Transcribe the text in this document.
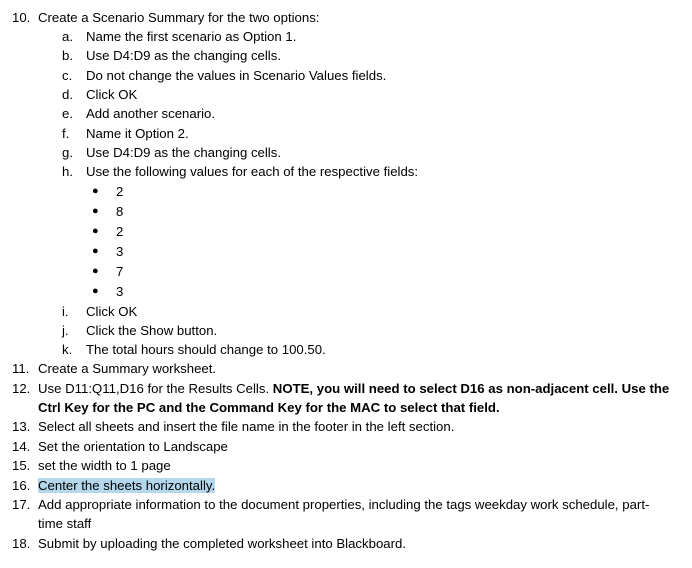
10. Create a Scenario Summary for the two options:
a. Name the first scenario as Option 1.
b. Use D4:D9 as the changing cells.
c.	Do not change the values in Scenario Values fields.
d. Click OK
e. Add another scenario.
f.	Name it Option 2.
g. Use D4:D9 as the changing cells.
h. Use the following values for each of the respective fields:
● 2
● 8
● 2
● 3
● 7
● 3
i.	Click OK
j.	Click the Show button.
k.	The total hours should change to 100.50.
11. Create a Summary worksheet.
12. Use D11:Q11,D16 for the Results Cells. NOTE, you will need to select D16 as non-adjacent cell. Use the
Ctrl Key for the PC and the Command Key for the MAC to select that field.
13. Select all sheets and insert the file name in the footer in the left section.
14. Set the orientation to Landscape
15. set the width to 1 page
16. Center the sheets horizontally.
17. Add appropriate information to the document properties, including the tags weekday work schedule, part-
time staff
18. Submit by uploading the completed worksheet into Blackboard.
